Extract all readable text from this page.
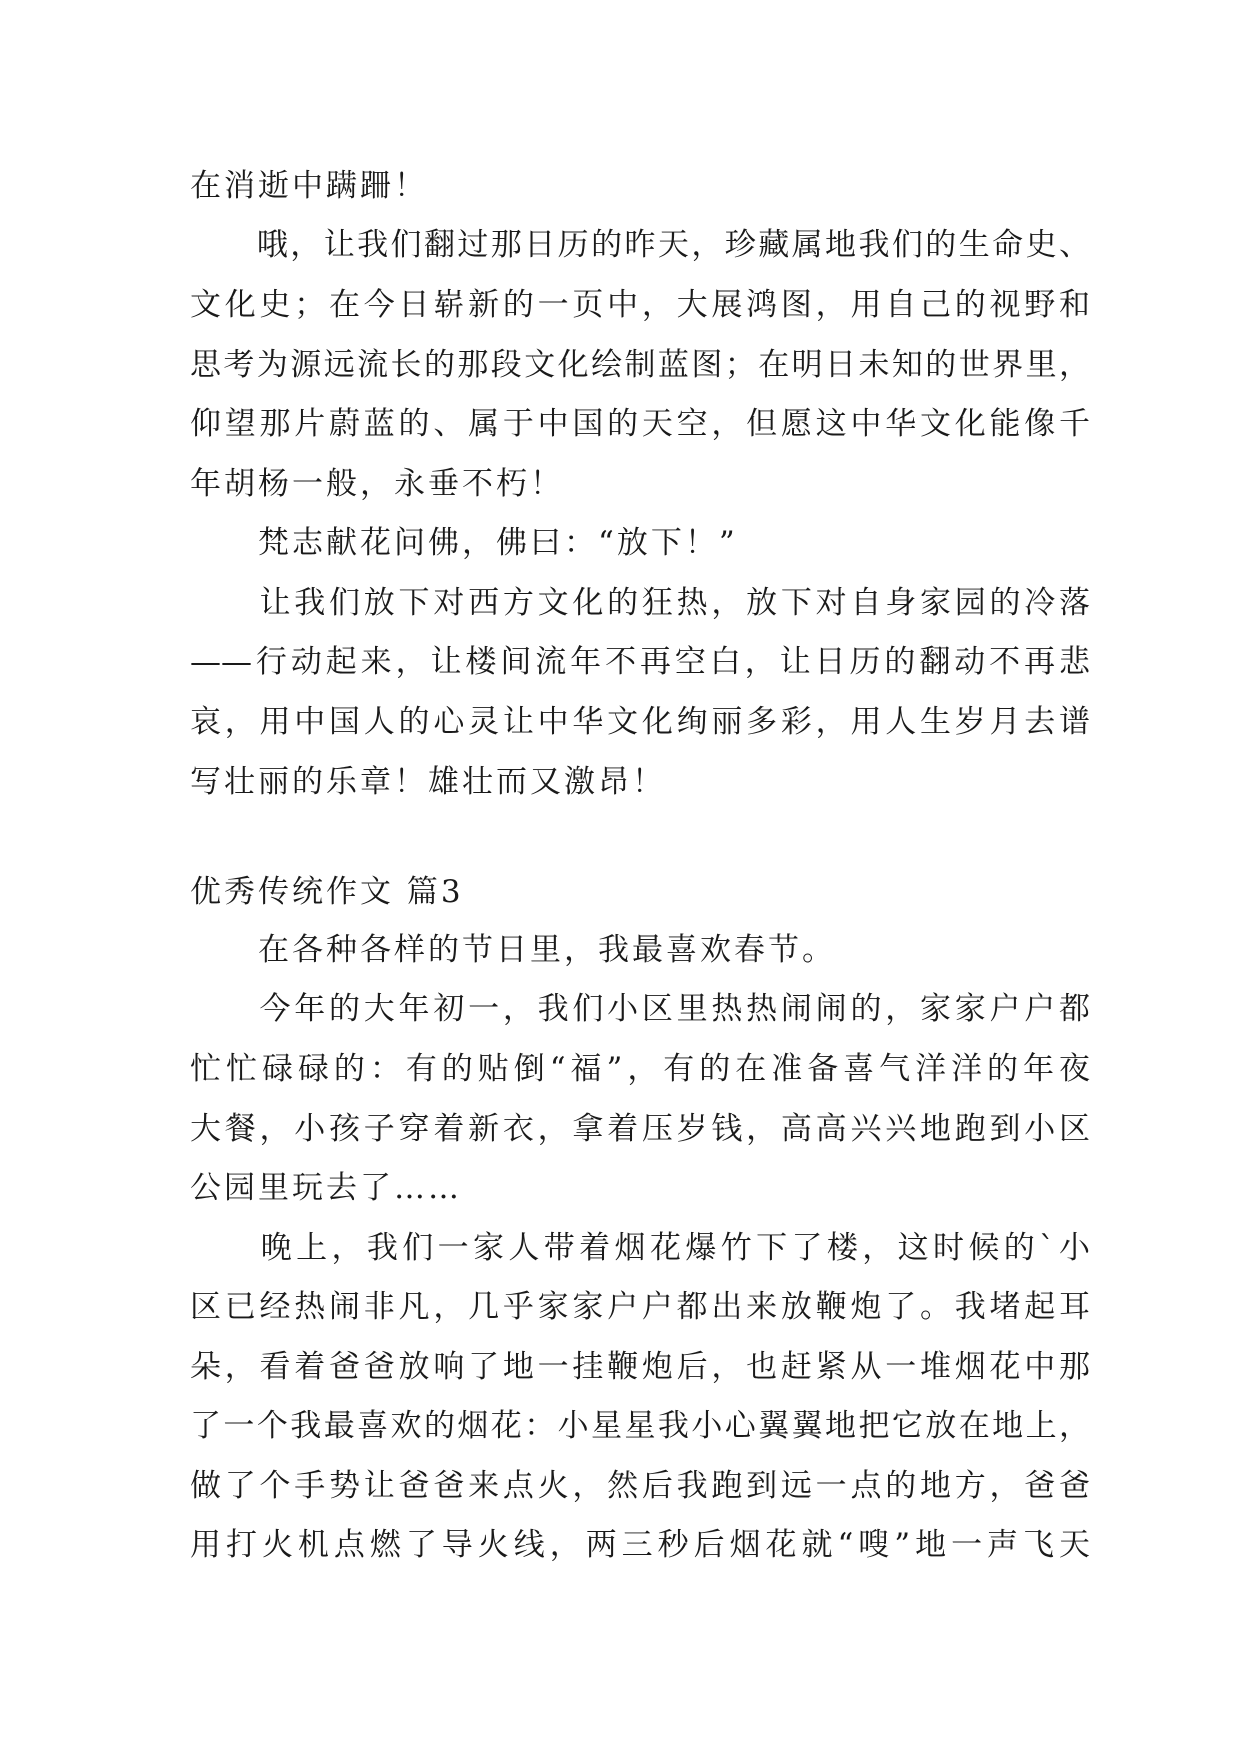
在消逝中蹒跚！
　　哦，让我们翻过那日历的昨天，珍藏属地我们的生命史、
文化史；在今日崭新的一页中，大展鸿图，用自己的视野和
思考为源远流长的那段文化绘制蓝图；在明日未知的世界里，
仰望那片蔚蓝的、属于中国的天空，但愿这中华文化能像千
年胡杨一般，永垂不朽！
　　梵志献花问佛，佛曰：“放下！”
　　让我们放下对西方文化的狂热，放下对自身家园的冷落
——行动起来，让楼间流年不再空白，让日历的翻动不再悲
哀，用中国人的心灵让中华文化绚丽多彩，用人生岁月去谱
写壮丽的乐章！雄壮而又激昂！
优秀传统作文 篇3
　　在各种各样的节日里，我最喜欢春节。
　　今年的大年初一，我们小区里热热闹闹的，家家户户都
忙忙碌碌的：有的贴倒“福”，有的在准备喜气洋洋的年夜
大餐，小孩子穿着新衣，拿着压岁钱，高高兴兴地跑到小区
公园里玩去了……
　　晚上，我们一家人带着烟花爆竹下了楼，这时候的`小
区已经热闹非凡，几乎家家户户都出来放鞭炮了。我堵起耳
朵，看着爸爸放响了地一挂鞭炮后，也赶紧从一堆烟花中那
了一个我最喜欢的烟花：小星星我小心翼翼地把它放在地上，
做了个手势让爸爸来点火，然后我跑到远一点的地方，爸爸
用打火机点燃了导火线，两三秒后烟花就“嗖”地一声飞天
